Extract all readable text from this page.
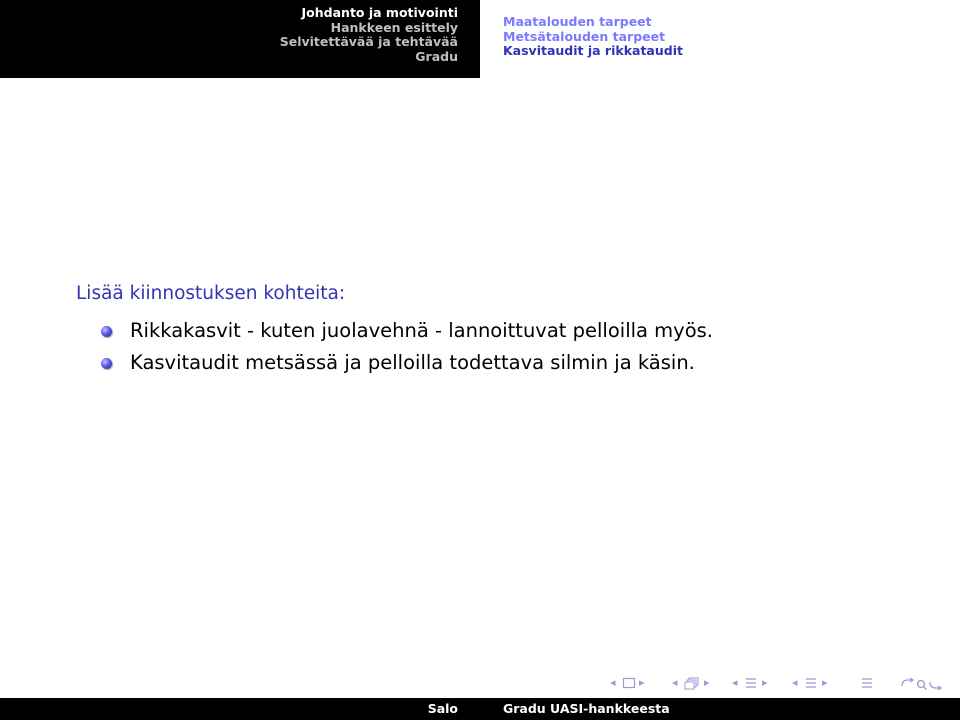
Johdanto ja motivointi
Hankkeen esittely
Selvitettävää ja tehtävää
Gradu
Maatalouden tarpeet
Metsätalouden tarpeet
Kasvitaudit ja rikkataudit
Lisää kiinnostuksen kohteita:
Rikkakasvit - kuten juolavehnä - lannoittuvat pelloilla myös.
Kasvitaudit metsässä ja pelloilla todettava silmin ja käsin.
◂ ▸ ◂ ▸ ◂ ▸ ◂ ▸
Salo	Gradu UASI-hankkeesta
